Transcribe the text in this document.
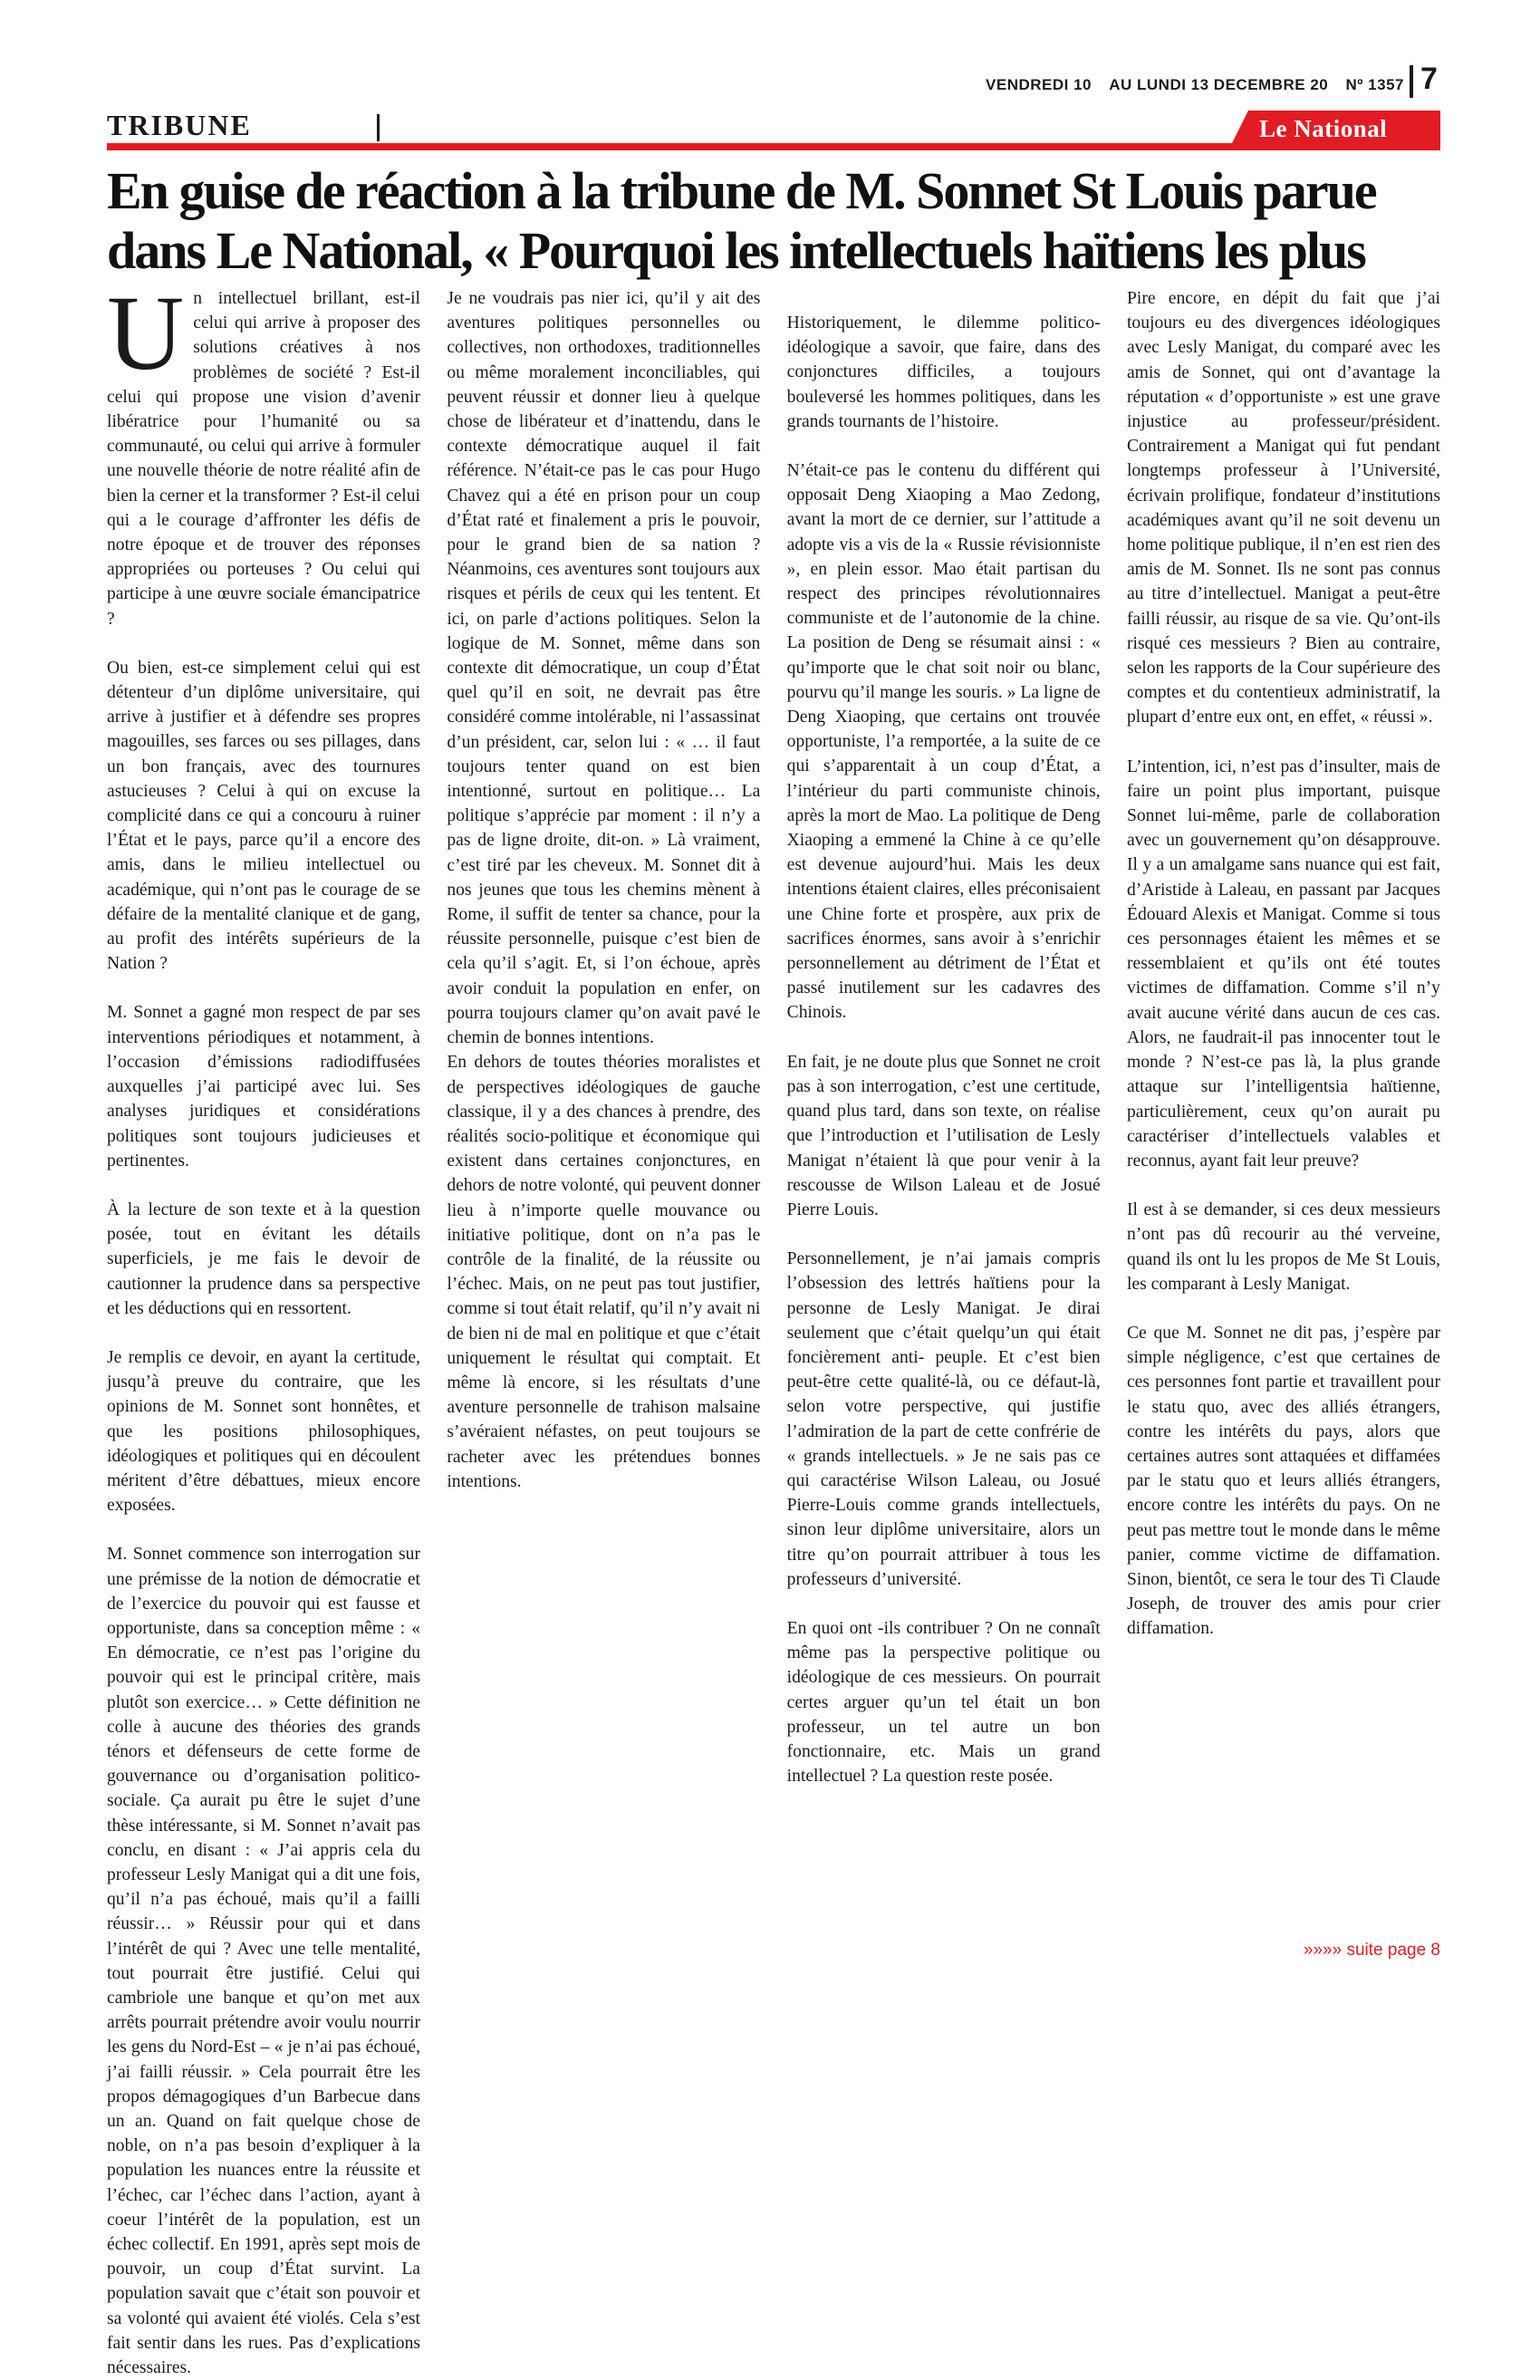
VENDREDI 10 AU LUNDI 13 DECEMBRE 20 Nº 1357 7
TRIBUNE	Le National
En guise de réaction à la tribune de M. Sonnet St Louis parue
dans Le National, « Pourquoi les intellectuels haïtiens les plus

Un intellectuel brillant, est-il celui qui arrive à proposer des solutions créatives à nos problèmes de société ? Est-il celui qui propose une vision d’avenir libératrice pour l’humanité ou sa communauté, ou celui qui arrive à formuler une nouvelle théorie de notre réalité afin de bien la cerner et la transformer ? Est-il celui qui a le courage d’affronter les défis de notre époque et de trouver des réponses appropriées ou porteuses ? Ou celui qui participe à une œuvre sociale émancipatrice ?

Ou bien, est-ce simplement celui qui est détenteur d’un diplôme universitaire, qui arrive à justifier et à défendre ses propres magouilles, ses farces ou ses pillages, dans un bon français, avec des tournures astucieuses ? Celui à qui on excuse la complicité dans ce qui a concouru à ruiner l’État et le pays, parce qu’il a encore des amis, dans le milieu intellectuel ou académique, qui n’ont pas le courage de se défaire de la mentalité clanique et de gang, au profit des intérêts supérieurs de la Nation ?

M. Sonnet a gagné mon respect de par ses interventions périodiques et notamment, à l’occasion d’émissions radiodiffusées auxquelles j’ai participé avec lui. Ses analyses juridiques et considérations politiques sont toujours judicieuses et pertinentes.

À la lecture de son texte et à la question posée, tout en évitant les détails superficiels, je me fais le devoir de cautionner la prudence dans sa perspective et les déductions qui en ressortent.

Je remplis ce devoir, en ayant la certitude, jusqu’à preuve du contraire, que les opinions de M. Sonnet sont honnêtes, et que les positions philosophiques, idéologiques et politiques qui en découlent méritent d’être débattues, mieux encore exposées.

M. Sonnet commence son interrogation sur une prémisse de la notion de démocratie et de l’exercice du pouvoir qui est fausse et opportuniste, dans sa conception même : « En démocratie, ce n’est pas l’origine du pouvoir qui est le principal critère, mais plutôt son exercice… » Cette définition ne colle à aucune des théories des grands ténors et défenseurs de cette forme de gouvernance ou d’organisation politico-sociale. Ça aurait pu être le sujet d’une thèse intéressante, si M. Sonnet n’avait pas conclu, en disant : « J’ai appris cela du professeur Lesly Manigat qui a dit une fois, qu’il n’a pas échoué, mais qu’il a failli réussir… » Réussir pour qui et dans l’intérêt de qui ? Avec une telle mentalité, tout pourrait être justifié. Celui qui cambriole une banque et qu’on met aux arrêts pourrait prétendre avoir voulu nourrir les gens du Nord-Est – « je n’ai pas échoué, j’ai failli réussir. » Cela pourrait être les propos démagogiques d’un Barbecue dans un an. Quand on fait quelque chose de noble, on n’a pas besoin d’expliquer à la population les nuances entre la réussite et l’échec, car l’échec dans l’action, ayant à coeur l’intérêt de la population, est un échec collectif. En 1991, après sept mois de pouvoir, un coup d’État survint. La population savait que c’était son pouvoir et sa volonté qui avaient été violés. Cela s’est fait sentir dans les rues. Pas d’explications nécessaires.

Je ne voudrais pas nier ici, qu’il y ait des aventures politiques personnelles ou collectives, non orthodoxes, traditionnelles ou même moralement inconciliables, qui peuvent réussir et donner lieu à quelque chose de libérateur et d’inattendu, dans le contexte démocratique auquel il fait référence. N’était-ce pas le cas pour Hugo Chavez qui a été en prison pour un coup d’État raté et finalement a pris le pouvoir, pour le grand bien de sa nation ? Néanmoins, ces aventures sont toujours aux risques et périls de ceux qui les tentent. Et ici, on parle d’actions politiques. Selon la logique de M. Sonnet, même dans son contexte dit démocratique, un coup d’État quel qu’il en soit, ne devrait pas être considéré comme intolérable, ni l’assassinat d’un président, car, selon lui : « … il faut toujours tenter quand on est bien intentionné, surtout en politique… La politique s’apprécie par moment : il n’y a pas de ligne droite, dit-on. » Là vraiment, c’est tiré par les cheveux. M. Sonnet dit à nos jeunes que tous les chemins mènent à Rome, il suffit de tenter sa chance, pour la réussite personnelle, puisque c’est bien de cela qu’il s’agit. Et, si l’on échoue, après avoir conduit la population en enfer, on pourra toujours clamer qu’on avait pavé le chemin de bonnes intentions.

En dehors de toutes théories moralistes et de perspectives idéologiques de gauche classique, il y a des chances à prendre, des réalités socio-politique et économique qui existent dans certaines conjonctures, en dehors de notre volonté, qui peuvent donner lieu à n’importe quelle mouvance ou initiative politique, dont on n’a pas le contrôle de la finalité, de la réussite ou l’échec. Mais, on ne peut pas tout justifier, comme si tout était relatif, qu’il n’y avait ni de bien ni de mal en politique et que c’était uniquement le résultat qui comptait. Et même là encore, si les résultats d’une aventure personnelle de trahison malsaine s’avéraient néfastes, on peut toujours se racheter avec les prétendues bonnes intentions.

Historiquement, le dilemme politico-idéologique a savoir, que faire, dans des conjonctures difficiles, a toujours bouleversé les hommes politiques, dans les grands tournants de l’histoire.

N’était-ce pas le contenu du différent qui opposait Deng Xiaoping a Mao Zedong, avant la mort de ce dernier, sur l’attitude a adopte vis a vis de la « Russie révisionniste », en plein essor. Mao était partisan du respect des principes révolutionnaires communiste et de l’autonomie de la chine. La position de Deng se résumait ainsi : « qu’importe que le chat soit noir ou blanc, pourvu qu’il mange les souris. » La ligne de Deng Xiaoping, que certains ont trouvée opportuniste, l’a remportée, a la suite de ce qui s’apparentait à un coup d’État, a l’intérieur du parti communiste chinois, après la mort de Mao. La politique de Deng Xiaoping a emmené la Chine à ce qu’elle est devenue aujourd’hui. Mais les deux intentions étaient claires, elles préconisaient une Chine forte et prospère, aux prix de sacrifices énormes, sans avoir à s’enrichir personnellement au détriment de l’État et passé inutilement sur les cadavres des Chinois.

En fait, je ne doute plus que Sonnet ne croit pas à son interrogation, c’est une certitude, quand plus tard, dans son texte, on réalise que l’introduction et l’utilisation de Lesly Manigat n’étaient là que pour venir à la rescousse de Wilson Laleau et de Josué Pierre Louis.

Personnellement, je n’ai jamais compris l’obsession des lettrés haïtiens pour la personne de Lesly Manigat. Je dirai seulement que c’était quelqu’un qui était foncièrement anti- peuple. Et c’est bien peut-être cette qualité-là, ou ce défaut-là, selon votre perspective, qui justifie l’admiration de la part de cette confrérie de « grands intellectuels. » Je ne sais pas ce qui caractérise Wilson Laleau, ou Josué Pierre-Louis comme grands intellectuels, sinon leur diplôme universitaire, alors un titre qu’on pourrait attribuer à tous les professeurs d’université.

En quoi ont -ils contribuer ? On ne connaît même pas la perspective politique ou idéologique de ces messieurs. On pourrait certes arguer qu’un tel était un bon professeur, un tel autre un bon fonctionnaire, etc. Mais un grand intellectuel ? La question reste posée.

Pire encore, en dépit du fait que j’ai toujours eu des divergences idéologiques avec Lesly Manigat, du comparé avec les amis de Sonnet, qui ont d’avantage la réputation « d’opportuniste » est une grave injustice au professeur/président. Contrairement a Manigat qui fut pendant longtemps professeur à l’Université, écrivain prolifique, fondateur d’institutions académiques avant qu’il ne soit devenu un home politique publique, il n’en est rien des amis de M. Sonnet. Ils ne sont pas connus au titre d’intellectuel. Manigat a peut-être failli réussir, au risque de sa vie. Qu’ont-ils risqué ces messieurs ? Bien au contraire, selon les rapports de la Cour supérieure des comptes et du contentieux administratif, la plupart d’entre eux ont, en effet, « réussi ».

L’intention, ici, n’est pas d’insulter, mais de faire un point plus important, puisque Sonnet lui-même, parle de collaboration avec un gouvernement qu’on désapprouve. Il y a un amalgame sans nuance qui est fait, d’Aristide à Laleau, en passant par Jacques Édouard Alexis et Manigat. Comme si tous ces personnages étaient les mêmes et se ressemblaient et qu’ils ont été toutes victimes de diffamation. Comme s’il n’y avait aucune vérité dans aucun de ces cas. Alors, ne faudrait-il pas innocenter tout le monde ? N’est-ce pas là, la plus grande attaque sur l’intelligentsia haïtienne, particulièrement, ceux qu’on aurait pu caractériser d’intellectuels valables et reconnus, ayant fait leur preuve?

Il est à se demander, si ces deux messieurs n’ont pas dû recourir au thé verveine, quand ils ont lu les propos de Me St Louis, les comparant à Lesly Manigat.

Ce que M. Sonnet ne dit pas, j’espère par simple négligence, c’est que certaines de ces personnes font partie et travaillent pour le statu quo, avec des alliés étrangers, contre les intérêts du pays, alors que certaines autres sont attaquées et diffamées par le statu quo et leurs alliés étrangers, encore contre les intérêts du pays. On ne peut pas mettre tout le monde dans le même panier, comme victime de diffamation. Sinon, bientôt, ce sera le tour des Ti Claude Joseph, de trouver des amis pour crier diffamation.

»»»» suite page 8
